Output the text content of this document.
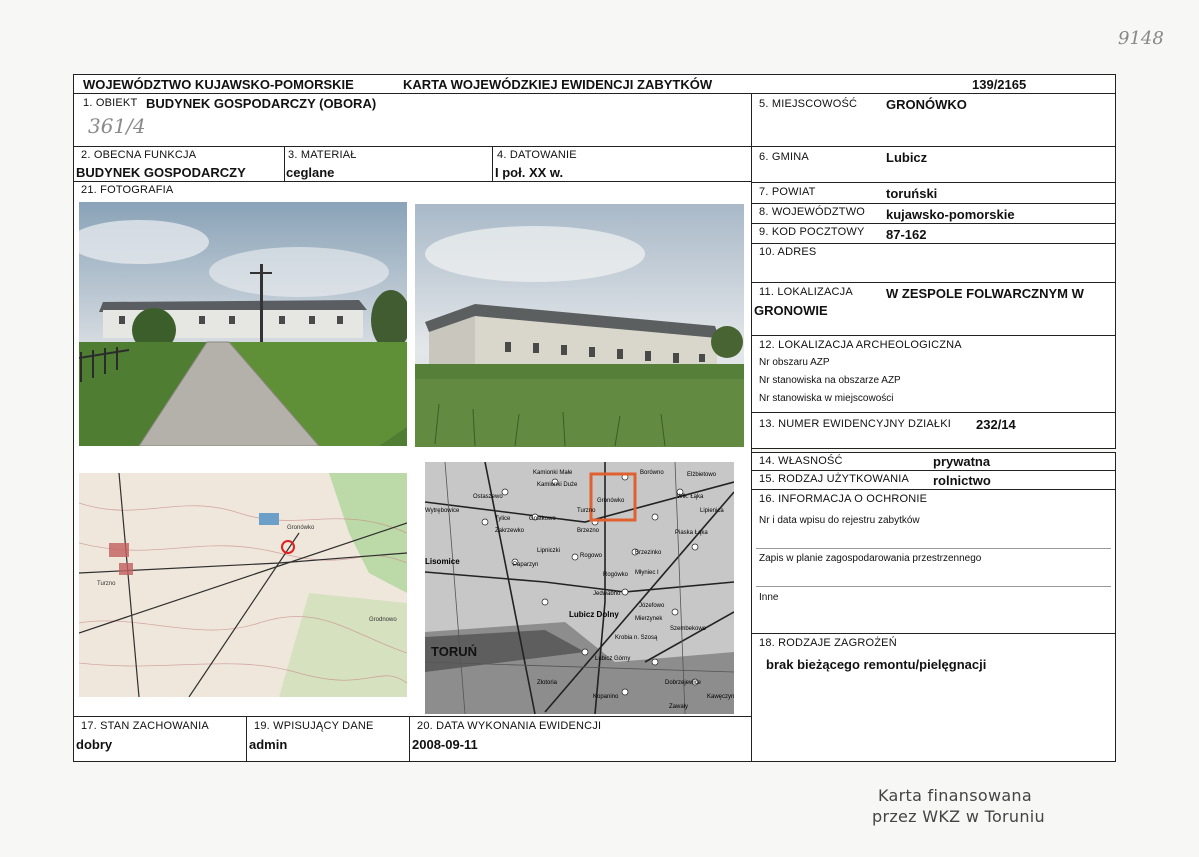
9148
WOJEWÓDZTWO KUJAWSKO-POMORSKIE	KARTA WOJEWÓDZKIEJ EWIDENCJI ZABYTKÓW	139/2165
1. OBIEKT BUDYNEK GOSPODARCZY (OBORA)
361/4
5. MIEJSCOWOŚĆ GRONÓWKO
2. OBECNA FUNKCJA
BUDYNEK GOSPODARCZY
3. MATERIAŁ
ceglane
4. DATOWANIE
I poł. XX w.
6. GMINA	Lubicz
21. FOTOGRAFIA
Gronówko
Turzno
Grodnowo
Kamionki Małe
Kamionki Duże
Gronówko
Borówno	Elżbietowo
Wlk. Łąka
Lipienica
Ostaszewo
Wytrębowice
Tylice	Gostkowo
Turzno
Zakrzewko	Brzezno
Lisomice	Paparzyn
Lipniczki
Rogowo
Rogówko
Brzezinko
Piaska Łąka
Jedwabno
Józefowo
Lubicz Dolny
Młyniec I
Mierzynek
Krobia n. Szosą
Szembekowo
TORUŃ	Lubicz Górny
Złotoria
Kopanino
Dobrzejewice
Zawały
Kawęczyn
7. POWIAT	toruński
8. WOJEWÓDZTWO kujawsko-pomorskie
9. KOD POCZTOWY 87-162
10. ADRES
11. LOKALIZACJA	W ZESPOLE FOLWARCZNYM W
GRONOWIE
12. LOKALIZACJA ARCHEOLOGICZNA
Nr obszaru AZP
Nr stanowiska na obszarze AZP
Nr stanowiska w miejscowości
13. NUMER EWIDENCYJNY DZIAŁKI 232/14
14. WŁASNOŚĆ	prywatna
15. RODZAJ UŻYTKOWANIA rolnictwo
16. INFORMACJA O OCHRONIE
Nr i data wpisu do rejestru zabytków
Zapis w planie zagospodarowania przestrzennego
Inne
18. RODZAJE ZAGROŻEŃ
brak bieżącego remontu/pielęgnacji
17. STAN ZACHOWANIA
dobry
19. WPISUJĄCY DANE
admin
20. DATA WYKONANIA EWIDENCJI
2008-09-11
Karta finansowana
przez WKZ w Toruniu
